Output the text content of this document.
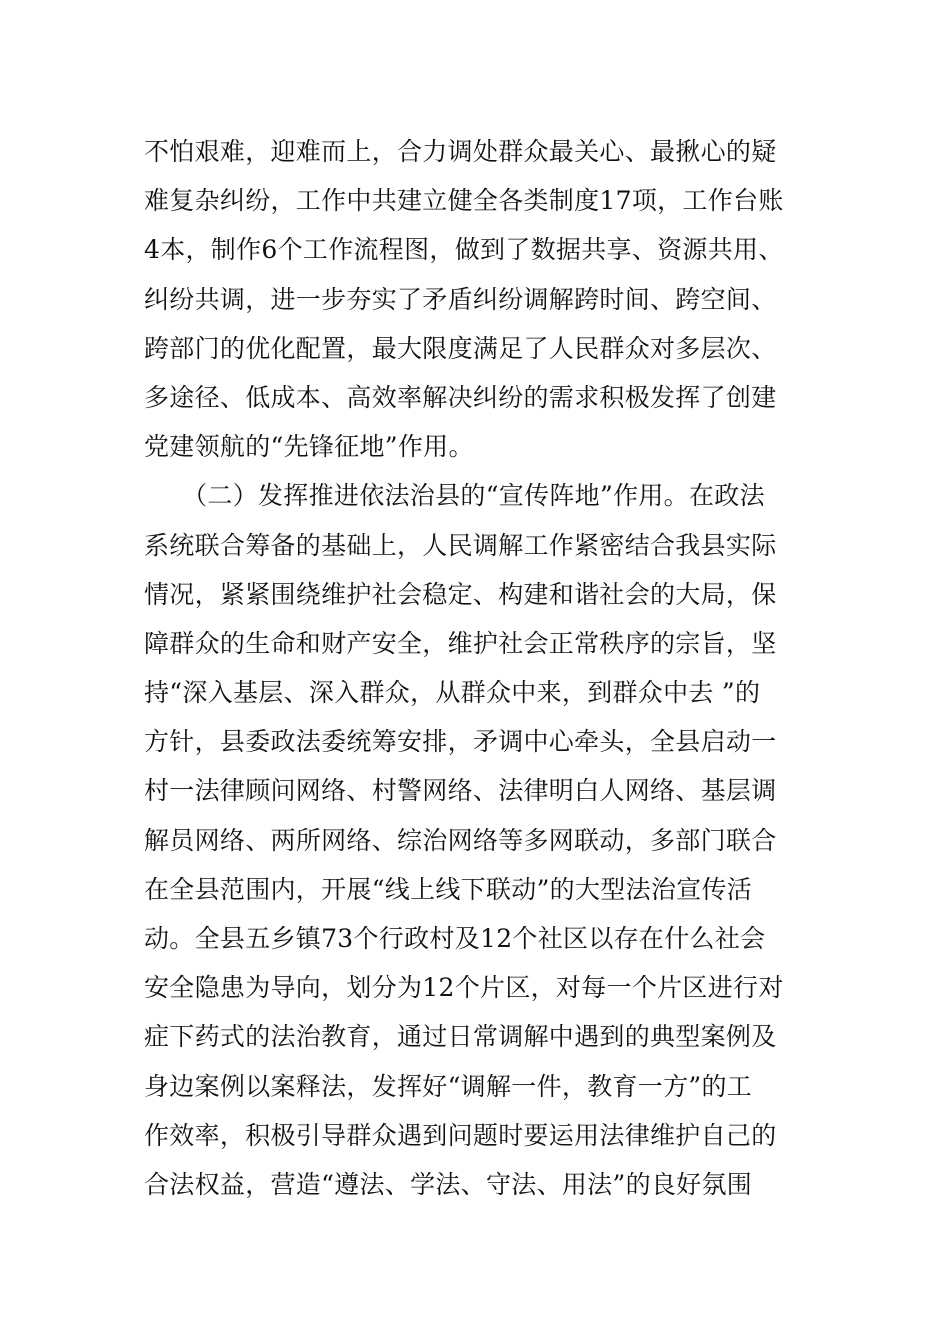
不怕艰难，迎难而上，合力调处群众最关心、最揪心的疑
难复杂纠纷，工作中共建立健全各类制度17项，工作台账
4本，制作6个工作流程图，做到了数据共享、资源共用、
纠纷共调，进一步夯实了矛盾纠纷调解跨时间、跨空间、
跨部门的优化配置，最大限度满足了人民群众对多层次、
多途径、低成本、高效率解决纠纷的需求积极发挥了创建
党建领航的“先锋征地”作用。
　　（二）发挥推进依法治县的“宣传阵地”作用。在政法
系统联合筹备的基础上，人民调解工作紧密结合我县实际
情况，紧紧围绕维护社会稳定、构建和谐社会的大局，保
障群众的生命和财产安全，维护社会正常秩序的宗旨，坚
持“深入基层、深入群众，从群众中来，到群众中去 ”的
方针，县委政法委统筹安排，矛调中心牵头，全县启动一
村一法律顾问网络、村警网络、法律明白人网络、基层调
解员网络、两所网络、综治网络等多网联动，多部门联合
在全县范围内，开展“线上线下联动”的大型法治宣传活
动。全县五乡镇73个行政村及12个社区以存在什么社会
安全隐患为导向，划分为12个片区，对每一个片区进行对
症下药式的法治教育，通过日常调解中遇到的典型案例及
身边案例以案释法，发挥好“调解一件，教育一方”的工
作效率，积极引导群众遇到问题时要运用法律维护自己的
合法权益，营造“遵法、学法、守法、用法”的良好氛围
